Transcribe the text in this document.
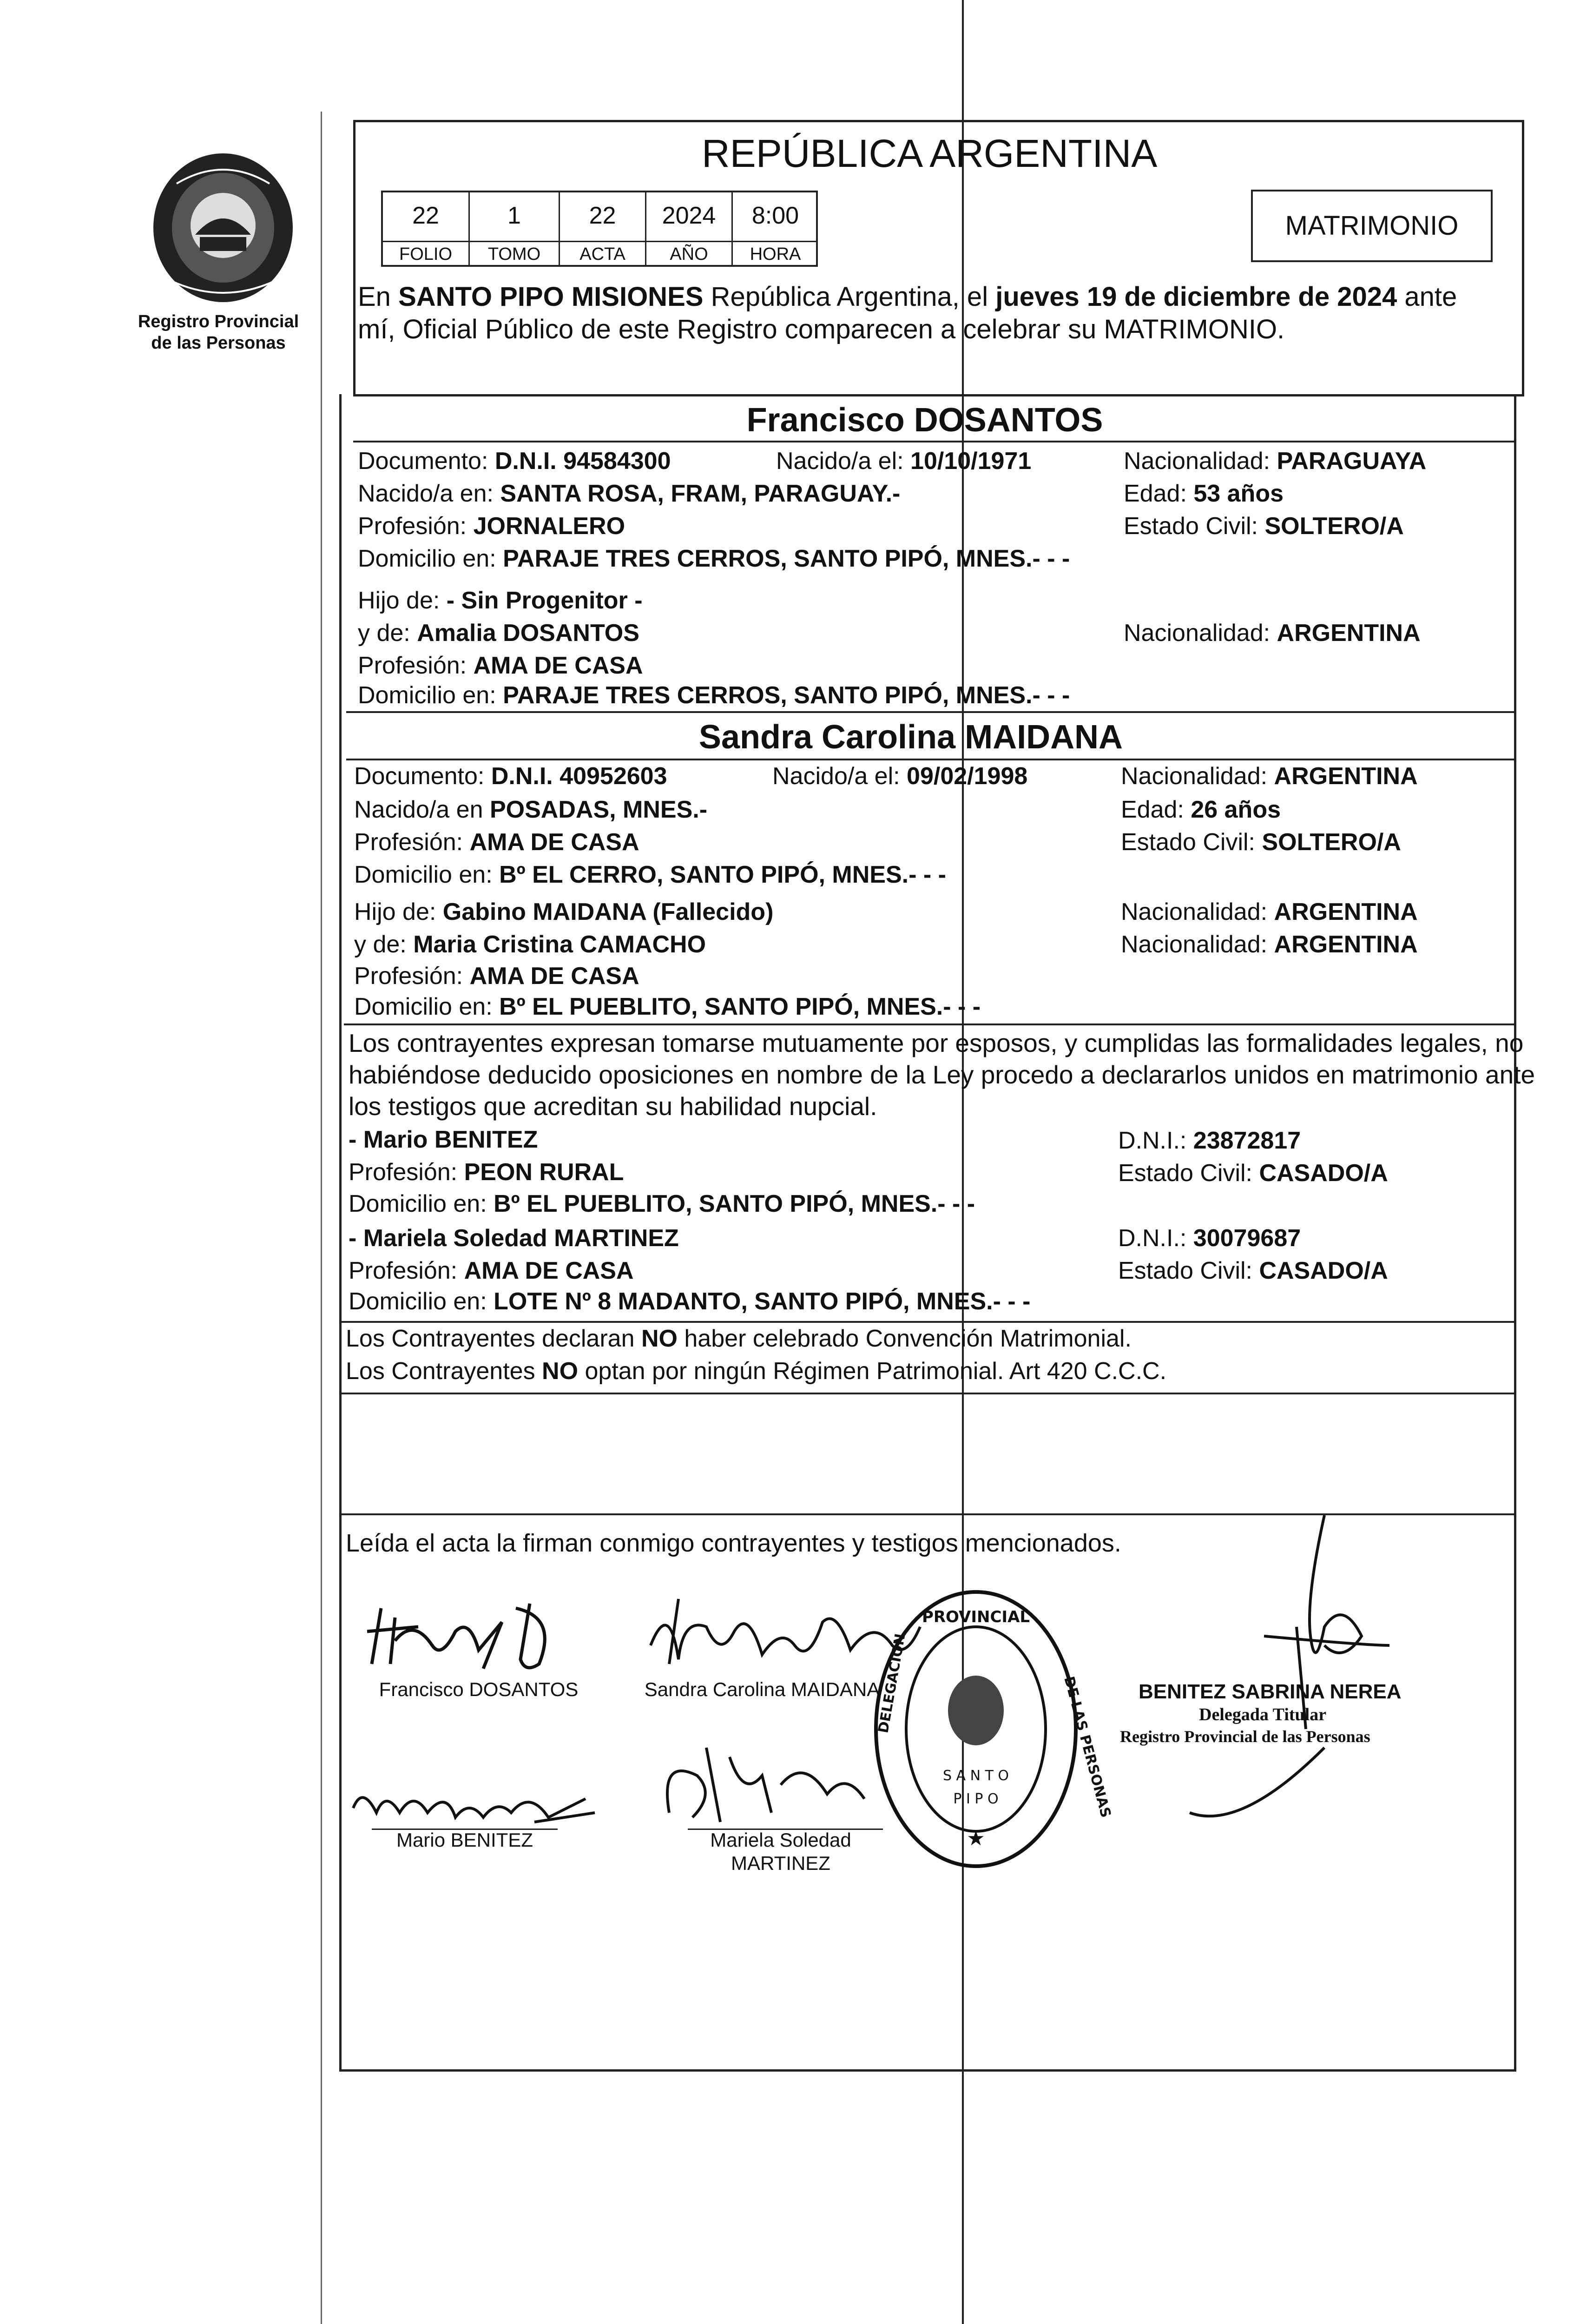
Registro Provincial
de las Personas
REPÚBLICA ARGENTINA
22	1	22	2024	8:00
FOLIO	TOMO	ACTA	AÑO	HORA
MATRIMONIO
En SANTO PIPO MISIONES República Argentina, el jueves 19 de diciembre de 2024 ante
mí, Oficial Público de este Registro comparecen a celebrar su MATRIMONIO.
Francisco DOSANTOS
Documento: D.N.I. 94584300	Nacido/a el: 10/10/1971	Nacionalidad: PARAGUAYA
Nacido/a en: SANTA ROSA, FRAM, PARAGUAY.-	Edad: 53 años
Profesión: JORNALERO	Estado Civil: SOLTERO/A
Domicilio en: PARAJE TRES CERROS, SANTO PIPÓ, MNES.- - -
Hijo de: - Sin Progenitor -
y de: Amalia DOSANTOS	Nacionalidad: ARGENTINA
Profesión: AMA DE CASA
Domicilio en: PARAJE TRES CERROS, SANTO PIPÓ, MNES.- - -
Sandra Carolina MAIDANA
Documento: D.N.I. 40952603	Nacido/a el: 09/02/1998	Nacionalidad: ARGENTINA
Nacido/a en POSADAS, MNES.-	Edad: 26 años
Profesión: AMA DE CASA	Estado Civil: SOLTERO/A
Domicilio en: Bº EL CERRO, SANTO PIPÓ, MNES.- - -
Hijo de: Gabino MAIDANA (Fallecido)	Nacionalidad: ARGENTINA
y de: Maria Cristina CAMACHO	Nacionalidad: ARGENTINA
Profesión: AMA DE CASA
Domicilio en: Bº EL PUEBLITO, SANTO PIPÓ, MNES.- - -
Los contrayentes expresan tomarse mutuamente por esposos, y cumplidas las formalidades legales, no
habiéndose deducido oposiciones en nombre de la Ley procedo a declararlos unidos en matrimonio ante
los testigos que acreditan su habilidad nupcial.
- Mario BENITEZ	D.N.I.: 23872817
Profesión: PEON RURAL	Estado Civil: CASADO/A
Domicilio en: Bº EL PUEBLITO, SANTO PIPÓ, MNES.- - -
- Mariela Soledad MARTINEZ	D.N.I.: 30079687
Profesión: AMA DE CASA	Estado Civil: CASADO/A
Domicilio en: LOTE Nº 8 MADANTO, SANTO PIPÓ, MNES.- - -
Los Contrayentes declaran NO haber celebrado Convención Matrimonial.
Los Contrayentes NO optan por ningún Régimen Patrimonial. Art 420 C.C.C.
Leída el acta la firman conmigo contrayentes y testigos mencionados.
Francisco DOSANTOS	Sandra Carolina MAIDANA
Mario BENITEZ	Mariela Soledad
MARTINEZ
PROVINCIAL
DELEGACION	DE LAS PERSONAS
S A N T O
P I P O
★
BENITEZ SABRINA NEREA
Delegada Titular
Registro Provincial de las Personas
